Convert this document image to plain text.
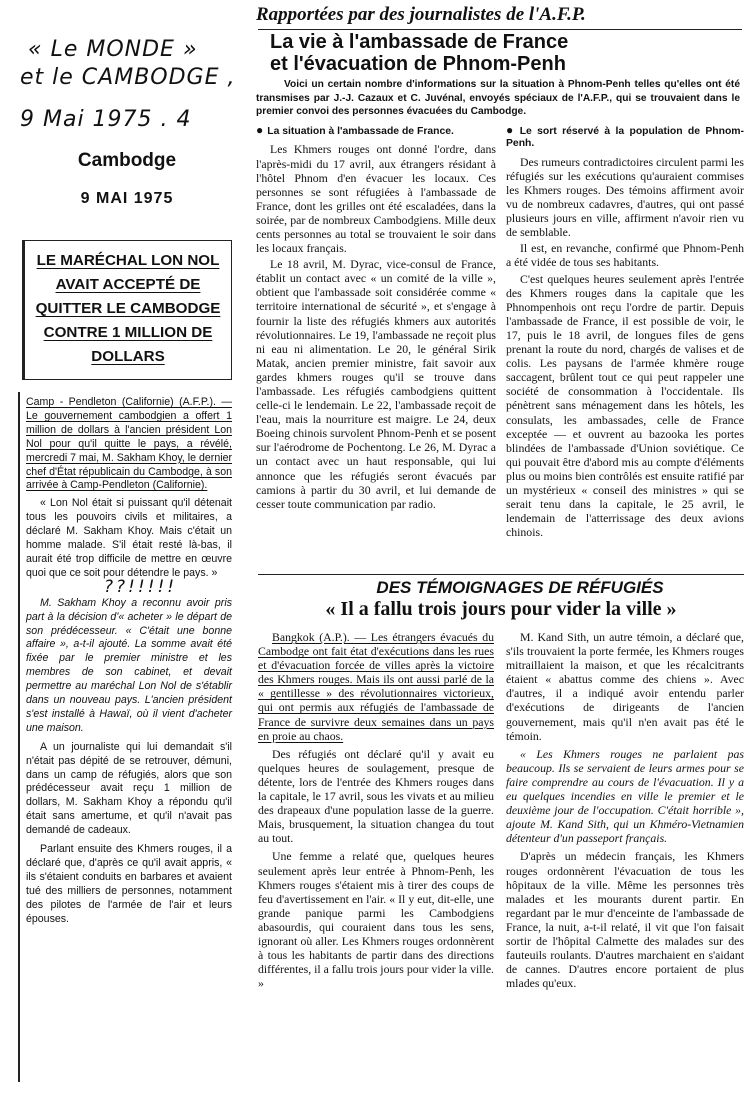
« Le MONDE »
et le CAMBODGE ,
9 Mai 1975 . 4
Cambodge
9 MAI 1975
LE MARÉCHAL LON NOL AVAIT ACCEPTÉ DE QUITTER LE CAMBODGE CONTRE 1 MILLION DE DOLLARS

Camp - Pendleton (Californie) (A.F.P.). — Le gouvernement cambodgien a offert 1 million de dollars à l'ancien président Lon Nol pour qu'il quitte le pays, a révélé, mercredi 7 mai, M. Sakham Khoy, le dernier chef d'État républicain du Cambodge, à son arrivée à Camp-Pendleton (Californie).

« Lon Nol était si puissant qu'il détenait tous les pouvoirs civils et militaires, a déclaré M. Sakham Khoy. Mais c'était un homme malade. S'il était resté là-bas, il aurait été trop difficile de mettre en œuvre quoi que ce soit pour détendre le pays. »

??!!!!!

M. Sakham Khoy a reconnu avoir pris part à la décision d'« acheter » le départ de son prédécesseur. « C'était une bonne affaire », a-t-il ajouté. La somme avait été fixée par le premier ministre et les membres de son cabinet, et devait permettre au maréchal Lon Nol de s'établir dans un nouveau pays. L'ancien président s'est installé à Hawaï, où il vient d'acheter une maison.

A un journaliste qui lui demandait s'il n'était pas dépité de se retrouver, démuni, dans un camp de réfugiés, alors que son prédécesseur avait reçu 1 million de dollars, M. Sakham Khoy a répondu qu'il était sans amertume, et qu'il n'avait pas demandé de cadeaux.

Parlant ensuite des Khmers rouges, il a déclaré que, d'après ce qu'il avait appris, « ils s'étaient conduits en barbares et avaient tué des milliers de personnes, notamment des pilotes de l'armée de l'air et leurs épouses.

Rapportées par des journalistes de l'A.F.P.
La vie à l'ambassade de France
et l'évacuation de Phnom-Penh
Voici un certain nombre d'informations sur la situation à Phnom-Penh telles qu'elles ont été transmises par J.-J. Cazaux et C. Juvénal, envoyés spéciaux de l'A.F.P., qui se trouvaient dans le premier convoi des personnes évacuées du Cambodge.
● La situation à l'ambassade de France.

Les Khmers rouges ont donné l'ordre, dans l'après-midi du 17 avril, aux étrangers résidant à l'hôtel Phnom d'en évacuer les locaux. Ces personnes se sont réfugiées à l'ambassade de France, dont les grilles ont été escaladées, dans la soirée, par de nombreux Cambodgiens. Mille deux cents personnes au total se trouvaient le soir dans les locaux français.

Le 18 avril, M. Dyrac, vice-consul de France, établit un contact avec « un comité de la ville », obtient que l'ambassade soit considérée comme « territoire international de sécurité », et s'engage à fournir la liste des réfugiés khmers aux autorités révolutionnaires. Le 19, l'ambassade ne reçoit plus ni eau ni alimentation. Le 20, le général Sirik Matak, ancien premier ministre, fait savoir aux gardes khmers rouges qu'il se trouve dans l'ambassade. Les réfugiés cambodgiens quittent celle-ci le lendemain. Le 22, l'ambassade reçoit de l'eau, mais la nourriture est maigre. Le 24, deux Boeing chinois survolent Phnom-Penh et se posent sur l'aérodrome de Pochentong. Le 26, M. Dyrac a un contact avec un haut responsable, qui lui annonce que les réfugiés seront évacués par camions à partir du 30 avril, et lui demande de cesser toute communication par radio.

● Le sort réservé à la population de Phnom-Penh.

Des rumeurs contradictoires circulent parmi les réfugiés sur les exécutions qu'auraient commises les Khmers rouges. Des témoins affirment avoir vu de nombreux cadavres, d'autres, qui ont passé plusieurs jours en ville, affirment n'avoir rien vu de semblable.

Il est, en revanche, confirmé que Phnom-Penh a été vidée de tous ses habitants.

C'est quelques heures seulement après l'entrée des Khmers rouges dans la capitale que les Phnompenhois ont reçu l'ordre de partir. Depuis l'ambassade de France, il est possible de voir, le 17, puis le 18 avril, de longues files de gens prenant la route du nord, chargés de valises et de colis. Les paysans de l'armée khmère rouge saccagent, brûlent tout ce qui peut rappeler une société de consommation à l'occidentale. Ils pénètrent sans ménagement dans les hôtels, les consulats, les ambassades, celle de France exceptée — et ouvrent au bazooka les portes blindées de l'ambassade d'Union soviétique. Ce qui pouvait être d'abord mis au compte d'éléments plus ou moins bien contrôlés est ensuite ratifié par un mystérieux « conseil des ministres » qui se serait tenu dans la capitale, le 25 avril, le lendemain de l'atterrissage des deux avions chinois.

DES TÉMOIGNAGES DE RÉFUGIÉS
« Il a fallu trois jours pour vider la ville »

Bangkok (A.P.). — Les étrangers évacués du Cambodge ont fait état d'exécutions dans les rues et d'évacuation forcée de villes après la victoire des Khmers rouges. Mais ils ont aussi parlé de la « gentillesse » des révolutionnaires victorieux, qui ont permis aux réfugiés de l'ambassade de France de survivre deux semaines dans un pays en proie au chaos.

Des réfugiés ont déclaré qu'il y avait eu quelques heures de soulagement, presque de détente, lors de l'entrée des Khmers rouges dans la capitale, le 17 avril, sous les vivats et au milieu des drapeaux d'une population lasse de la guerre. Mais, brusquement, la situation changea du tout au tout.

Une femme a relaté que, quelques heures seulement après leur entrée à Phnom-Penh, les Khmers rouges s'étaient mis à tirer des coups de feu d'avertissement en l'air. « Il y eut, dit-elle, une grande panique parmi les Cambodgiens abasourdis, qui couraient dans tous les sens, ignorant où aller. Les Khmers rouges ordonnèrent à tous les habitants de partir dans des directions différentes, il a fallu trois jours pour vider la ville. »

M. Kand Sith, un autre témoin, a déclaré que, s'ils trouvaient la porte fermée, les Khmers rouges mitraillaient la maison, et que les récalcitrants étaient « abattus comme des chiens ». Avec d'autres, il a indiqué avoir entendu parler d'exécutions de dirigeants de l'ancien gouvernement, mais qu'il n'en avait pas été le témoin.

« Les Khmers rouges ne parlaient pas beaucoup. Ils se servaient de leurs armes pour se faire comprendre au cours de l'évacuation. Il y a eu quelques incendies en ville le premier et le deuxième jour de l'occupation. C'était horrible », ajoute M. Kand Sith, qui un Khméro-Vietnamien détenteur d'un passeport français.

D'après un médecin français, les Khmers rouges ordonnèrent l'évacuation de tous les hôpitaux de la ville. Même les personnes très malades et les mourants durent partir. En regardant par le mur d'enceinte de l'ambassade de France, la nuit, a-t-il relaté, il vit que l'on faisait sortir de l'hôpital Calmette des malades sur des fauteuils roulants. D'autres marchaient en s'aidant de cannes. D'autres encore portaient de plus mlades qu'eux.
